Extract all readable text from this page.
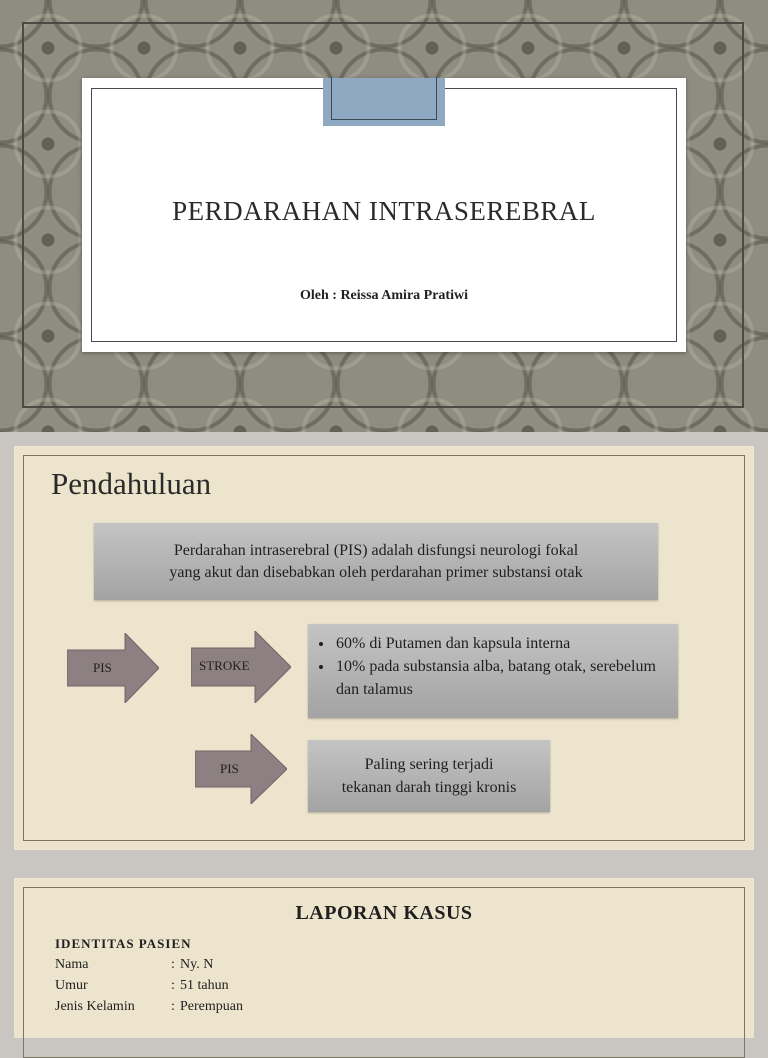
PERDARAHAN INTRASEREBRAL
Oleh : Reissa Amira Pratiwi
Pendahuluan
Perdarahan intraserebral (PIS) adalah disfungsi neurologi fokal
yang akut dan disebabkan oleh perdarahan primer substansi otak
PIS	STROKE
PIS
• 60% di Putamen dan kapsula interna
• 10% pada substansia alba, batang otak, serebelum dan talamus
Paling sering terjadi
tekanan darah tinggi kronis
LAPORAN KASUS
IDENTITAS PASIEN
Nama	: Ny. N
Umur	: 51 tahun
Jenis Kelamin	: Perempuan
